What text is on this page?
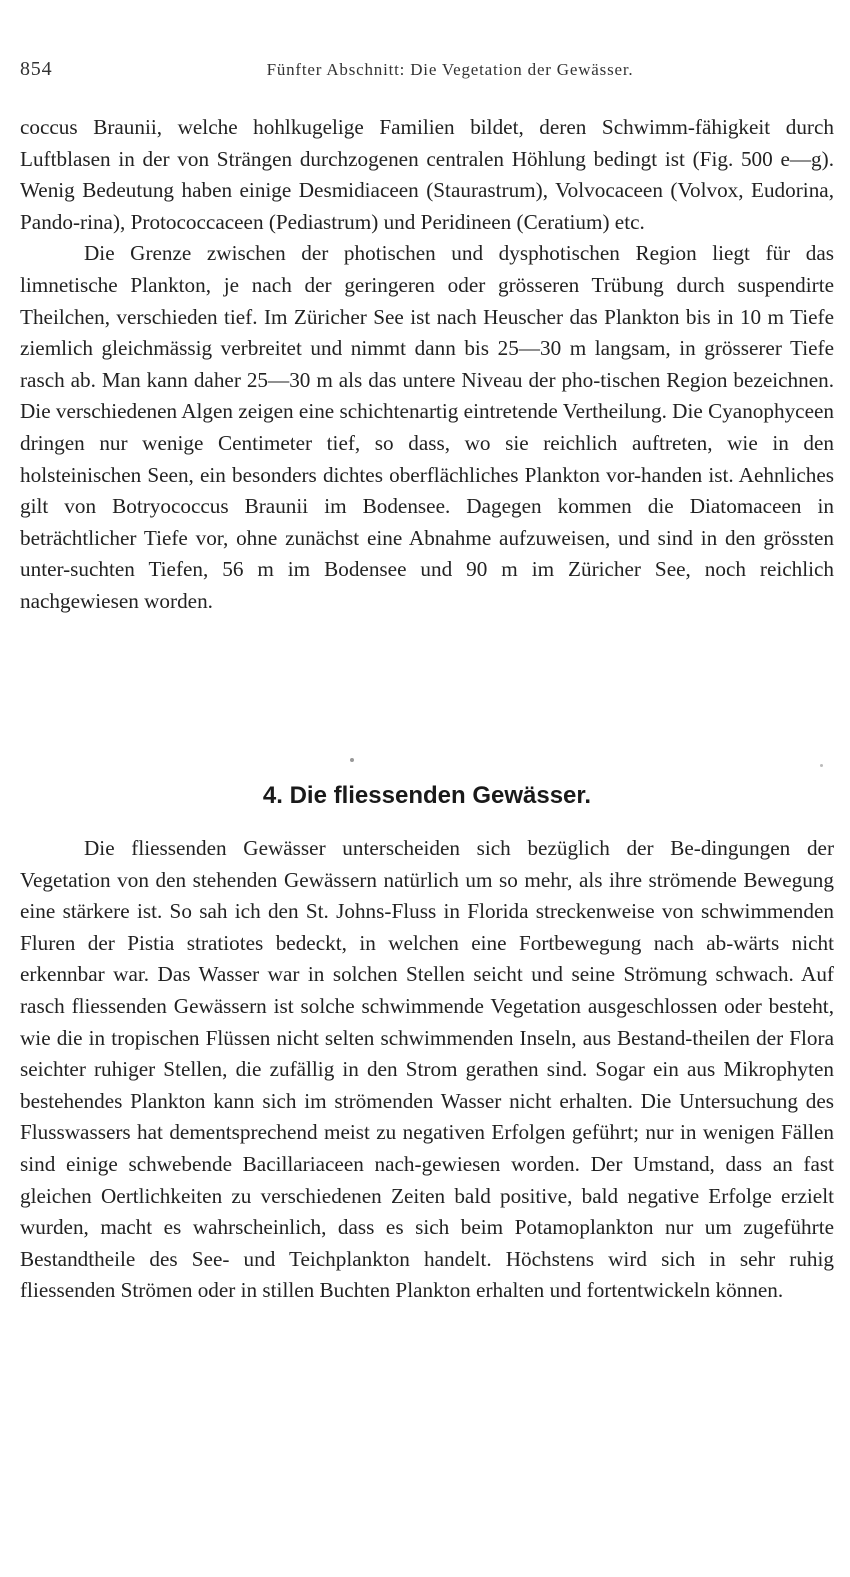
854	Fünfter Abschnitt: Die Vegetation der Gewässer.

coccus Braunii, welche hohlkugelige Familien bildet, deren Schwimm-fähigkeit durch Luftblasen in der von Strängen durchzogenen centralen Höhlung bedingt ist (Fig. 500 e—g). Wenig Bedeutung haben einige Desmidiaceen (Staurastrum), Volvocaceen (Volvox, Eudorina, Pando-rina), Protococcaceen (Pediastrum) und Peridineen (Ceratium) etc.

Die Grenze zwischen der photischen und dysphotischen Region liegt für das limnetische Plankton, je nach der geringeren oder grösseren Trübung durch suspendirte Theilchen, verschieden tief. Im Züricher See ist nach Heuscher das Plankton bis in 10 m Tiefe ziemlich gleichmässig verbreitet und nimmt dann bis 25—30 m langsam, in grösserer Tiefe rasch ab. Man kann daher 25—30 m als das untere Niveau der pho-tischen Region bezeichnen. Die verschiedenen Algen zeigen eine schichtenartig eintretende Vertheilung. Die Cyanophyceen dringen nur wenige Centimeter tief, so dass, wo sie reichlich auftreten, wie in den holsteinischen Seen, ein besonders dichtes oberflächliches Plankton vor-handen ist. Aehnliches gilt von Botryococcus Braunii im Bodensee. Dagegen kommen die Diatomaceen in beträchtlicher Tiefe vor, ohne zunächst eine Abnahme aufzuweisen, und sind in den grössten unter-suchten Tiefen, 56 m im Bodensee und 90 m im Züricher See, noch reichlich nachgewiesen worden.

4. Die fliessenden Gewässer.

Die fliessenden Gewässer unterscheiden sich bezüglich der Be-dingungen der Vegetation von den stehenden Gewässern natürlich um so mehr, als ihre strömende Bewegung eine stärkere ist. So sah ich den St. Johns-Fluss in Florida streckenweise von schwimmenden Fluren der Pistia stratiotes bedeckt, in welchen eine Fortbewegung nach ab-wärts nicht erkennbar war. Das Wasser war in solchen Stellen seicht und seine Strömung schwach. Auf rasch fliessenden Gewässern ist solche schwimmende Vegetation ausgeschlossen oder besteht, wie die in tropischen Flüssen nicht selten schwimmenden Inseln, aus Bestand-theilen der Flora seichter ruhiger Stellen, die zufällig in den Strom gerathen sind. Sogar ein aus Mikrophyten bestehendes Plankton kann sich im strömenden Wasser nicht erhalten. Die Untersuchung des Flusswassers hat dementsprechend meist zu negativen Erfolgen geführt; nur in wenigen Fällen sind einige schwebende Bacillariaceen nach-gewiesen worden. Der Umstand, dass an fast gleichen Oertlichkeiten zu verschiedenen Zeiten bald positive, bald negative Erfolge erzielt wurden, macht es wahrscheinlich, dass es sich beim Potamoplankton nur um zugeführte Bestandtheile des See- und Teichplankton handelt. Höchstens wird sich in sehr ruhig fliessenden Strömen oder in stillen Buchten Plankton erhalten und fortentwickeln können.
